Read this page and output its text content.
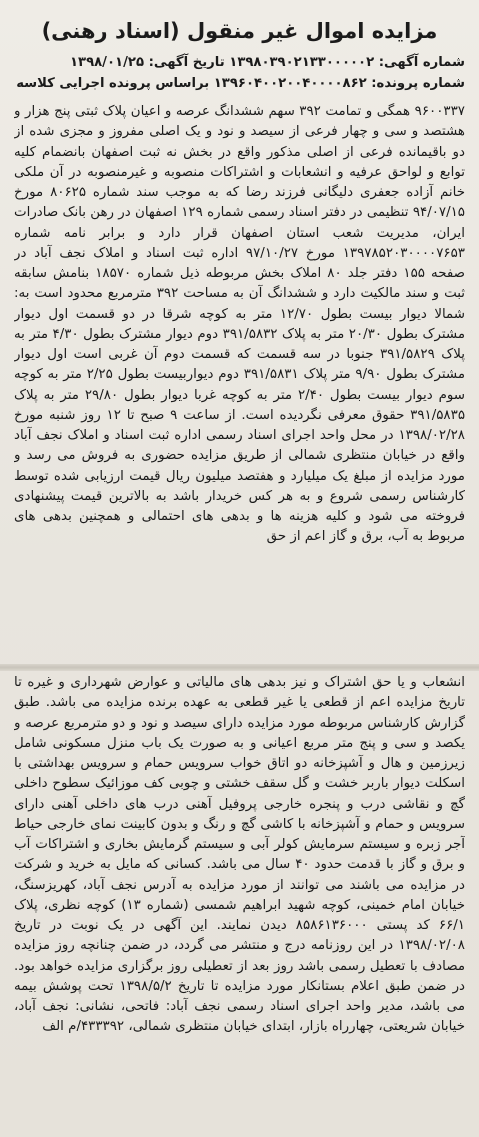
مزایده اموال غیر منقول (اسناد رهنی)
شماره آگهی: ۱۳۹۸۰۳۹۰۲۱۳۳۰۰۰۰۰۲ تاریخ آگهی: ۱۳۹۸/۰۱/۲۵
شماره پرونده: ۱۳۹۶۰۴۰۰۲۰۰۴۰۰۰۰۸۶۲ براساس پرونده اجرایی کلاسه

۹۶۰۰۳۳۷ همگی و تمامت ۳۹۲ سهم ششدانگ عرصه و اعیان پلاک ثبتی پنج هزار و هشتصد و سی و چهار فرعی از سیصد و نود و یک اصلی مفروز و مجزی شده از دو باقیمانده فرعی از اصلی مذکور واقع در بخش نه ثبت اصفهان بانضمام کلیه توابع و لواحق عرفیه و انشعابات و اشتراکات منصوبه و غیرمنصوبه در آن ملکی خانم آزاده جعفری دلیگانی فرزند رضا که به موجب سند شماره ۸۰۶۲۵ مورخ ۹۴/۰۷/۱۵ تنظیمی در دفتر اسناد رسمی شماره ۱۲۹ اصفهان در رهن بانک صادرات ایران، مدیریت شعب استان اصفهان قرار دارد و برابر نامه شماره ۱۳۹۷۸۵۲۰۳۰۰۰۰۷۶۵۳ مورخ ۹۷/۱۰/۲۷ اداره ثبت اسناد و املاک نجف آباد در صفحه ۱۵۵ دفتر جلد ۸۰ املاک بخش مربوطه ذیل شماره ۱۸۵۷۰ بنامش سابقه ثبت و سند مالکیت دارد و ششدانگ آن به مساحت ۳۹۲ مترمربع محدود است به: شمالا دیوار بیست بطول ۱۲/۷۰ متر به کوچه شرقا در دو قسمت اول دیوار مشترک بطول ۲۰/۳۰ متر به پلاک ۳۹۱/۵۸۳۲ دوم دیوار مشترک بطول ۴/۳۰ متر به پلاک ۳۹۱/۵۸۲۹ جنوبا در سه قسمت که قسمت دوم آن غربی است اول دیوار مشترک بطول ۹/۹۰ متر پلاک ۳۹۱/۵۸۳۱ دوم دیواربیست بطول ۲/۲۵ متر به کوچه سوم دیوار بیست بطول ۲/۴۰ متر به کوچه غربا دیوار بطول ۲۹/۸۰ متر به پلاک ۳۹۱/۵۸۳۵ حقوق معرفی نگردیده است. از ساعت ۹ صبح تا ۱۲ روز شنبه مورخ ۱۳۹۸/۰۲/۲۸ در محل واحد اجرای اسناد رسمی اداره ثبت اسناد و املاک نجف آباد واقع در خیابان منتظری شمالی از طریق مزایده حضوری به فروش می رسد و مورد مزایده از مبلغ یک میلیارد و هفتصد میلیون ریال قیمت ارزیابی شده توسط کارشناس رسمی شروع و به هر کس خریدار باشد به بالاترین قیمت پیشنهادی فروخته می شود و کلیه هزینه ها و بدهی های احتمالی و همچنین بدهی های مربوط به آب، برق و گاز اعم از حق

انشعاب و یا حق اشتراک و نیز بدهی های مالیاتی و عوارض شهرداری و غیره تا تاریخ مزایده اعم از قطعی یا غیر قطعی به عهده برنده مزایده می باشد. طبق گزارش کارشناس مربوطه مورد مزایده دارای سیصد و نود و دو مترمربع عرصه و یکصد و سی و پنج متر مربع اعیانی و به صورت یک باب منزل مسکونی شامل زیرزمین و هال و آشپزخانه دو اتاق خواب سرویس حمام و سرویس بهداشتی با اسکلت دیوار باربر خشت و گل سقف خشتی و چوبی کف موزائیک سطوح داخلی گچ و نقاشی درب و پنجره خارجی پروفیل آهنی درب های داخلی آهنی دارای سرویس و حمام و آشپزخانه با کاشی گچ و رنگ و بدون کابینت نمای خارجی حیاط آجر زبره و سیستم سرمایش کولر آبی و سیستم گرمایش بخاری و اشتراکات آب و برق و گاز با قدمت حدود ۴۰ سال می باشد. کسانی که مایل به خرید و شرکت در مزایده می باشند می توانند از مورد مزایده به آدرس نجف آباد، کهریزسنگ، خیابان امام خمینی، کوچه شهید ابراهیم شمسی (شماره ۱۳) کوچه نظری، پلاک ۶۶/۱ کد پستی ۸۵۸۶۱۳۶۰۰۰ دیدن نمایند. این آگهی در یک نوبت در تاریخ ۱۳۹۸/۰۲/۰۸ در این روزنامه درج و منتشر می گردد، در ضمن چنانچه روز مزایده مصادف با تعطیل رسمی باشد روز بعد از تعطیلی روز برگزاری مزایده خواهد بود. در ضمن طبق اعلام بستانکار مورد مزایده تا تاریخ ۱۳۹۸/۵/۲ تحت پوشش بیمه می باشد، مدیر واحد اجرای اسناد رسمی نجف آباد: فاتحی، نشانی: نجف آباد، خیابان شریعتی، چهارراه بازار، ابتدای خیابان منتظری شمالی، ۴۳۳۳۹۲/م الف
